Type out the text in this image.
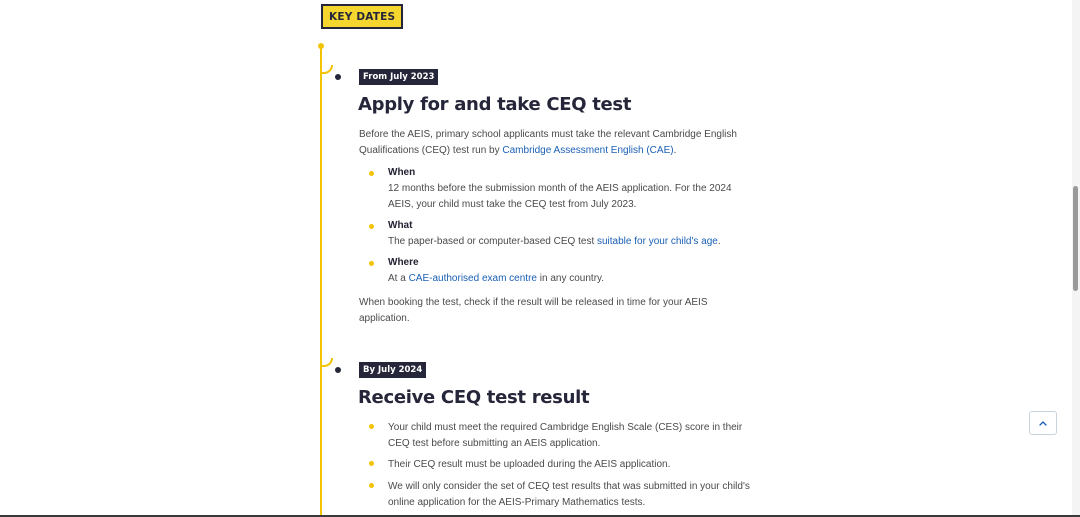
KEY DATES
From July 2023
Apply for and take CEQ test
Before the AEIS, primary school applicants must take the relevant Cambridge English
Qualifications (CEQ) test run by Cambridge Assessment English (CAE).
When
12 months before the submission month of the AEIS application. For the 2024
AEIS, your child must take the CEQ test from July 2023.
What
The paper-based or computer-based CEQ test suitable for your child's age.
Where
At a CAE-authorised exam centre in any country.
When booking the test, check if the result will be released in time for your AEIS
application.
By July 2024
Receive CEQ test result
Your child must meet the required Cambridge English Scale (CES) score in their
CEQ test before submitting an AEIS application.
Their CEQ result must be uploaded during the AEIS application.
We will only consider the set of CEQ test results that was submitted in your child's
online application for the AEIS-Primary Mathematics tests.
